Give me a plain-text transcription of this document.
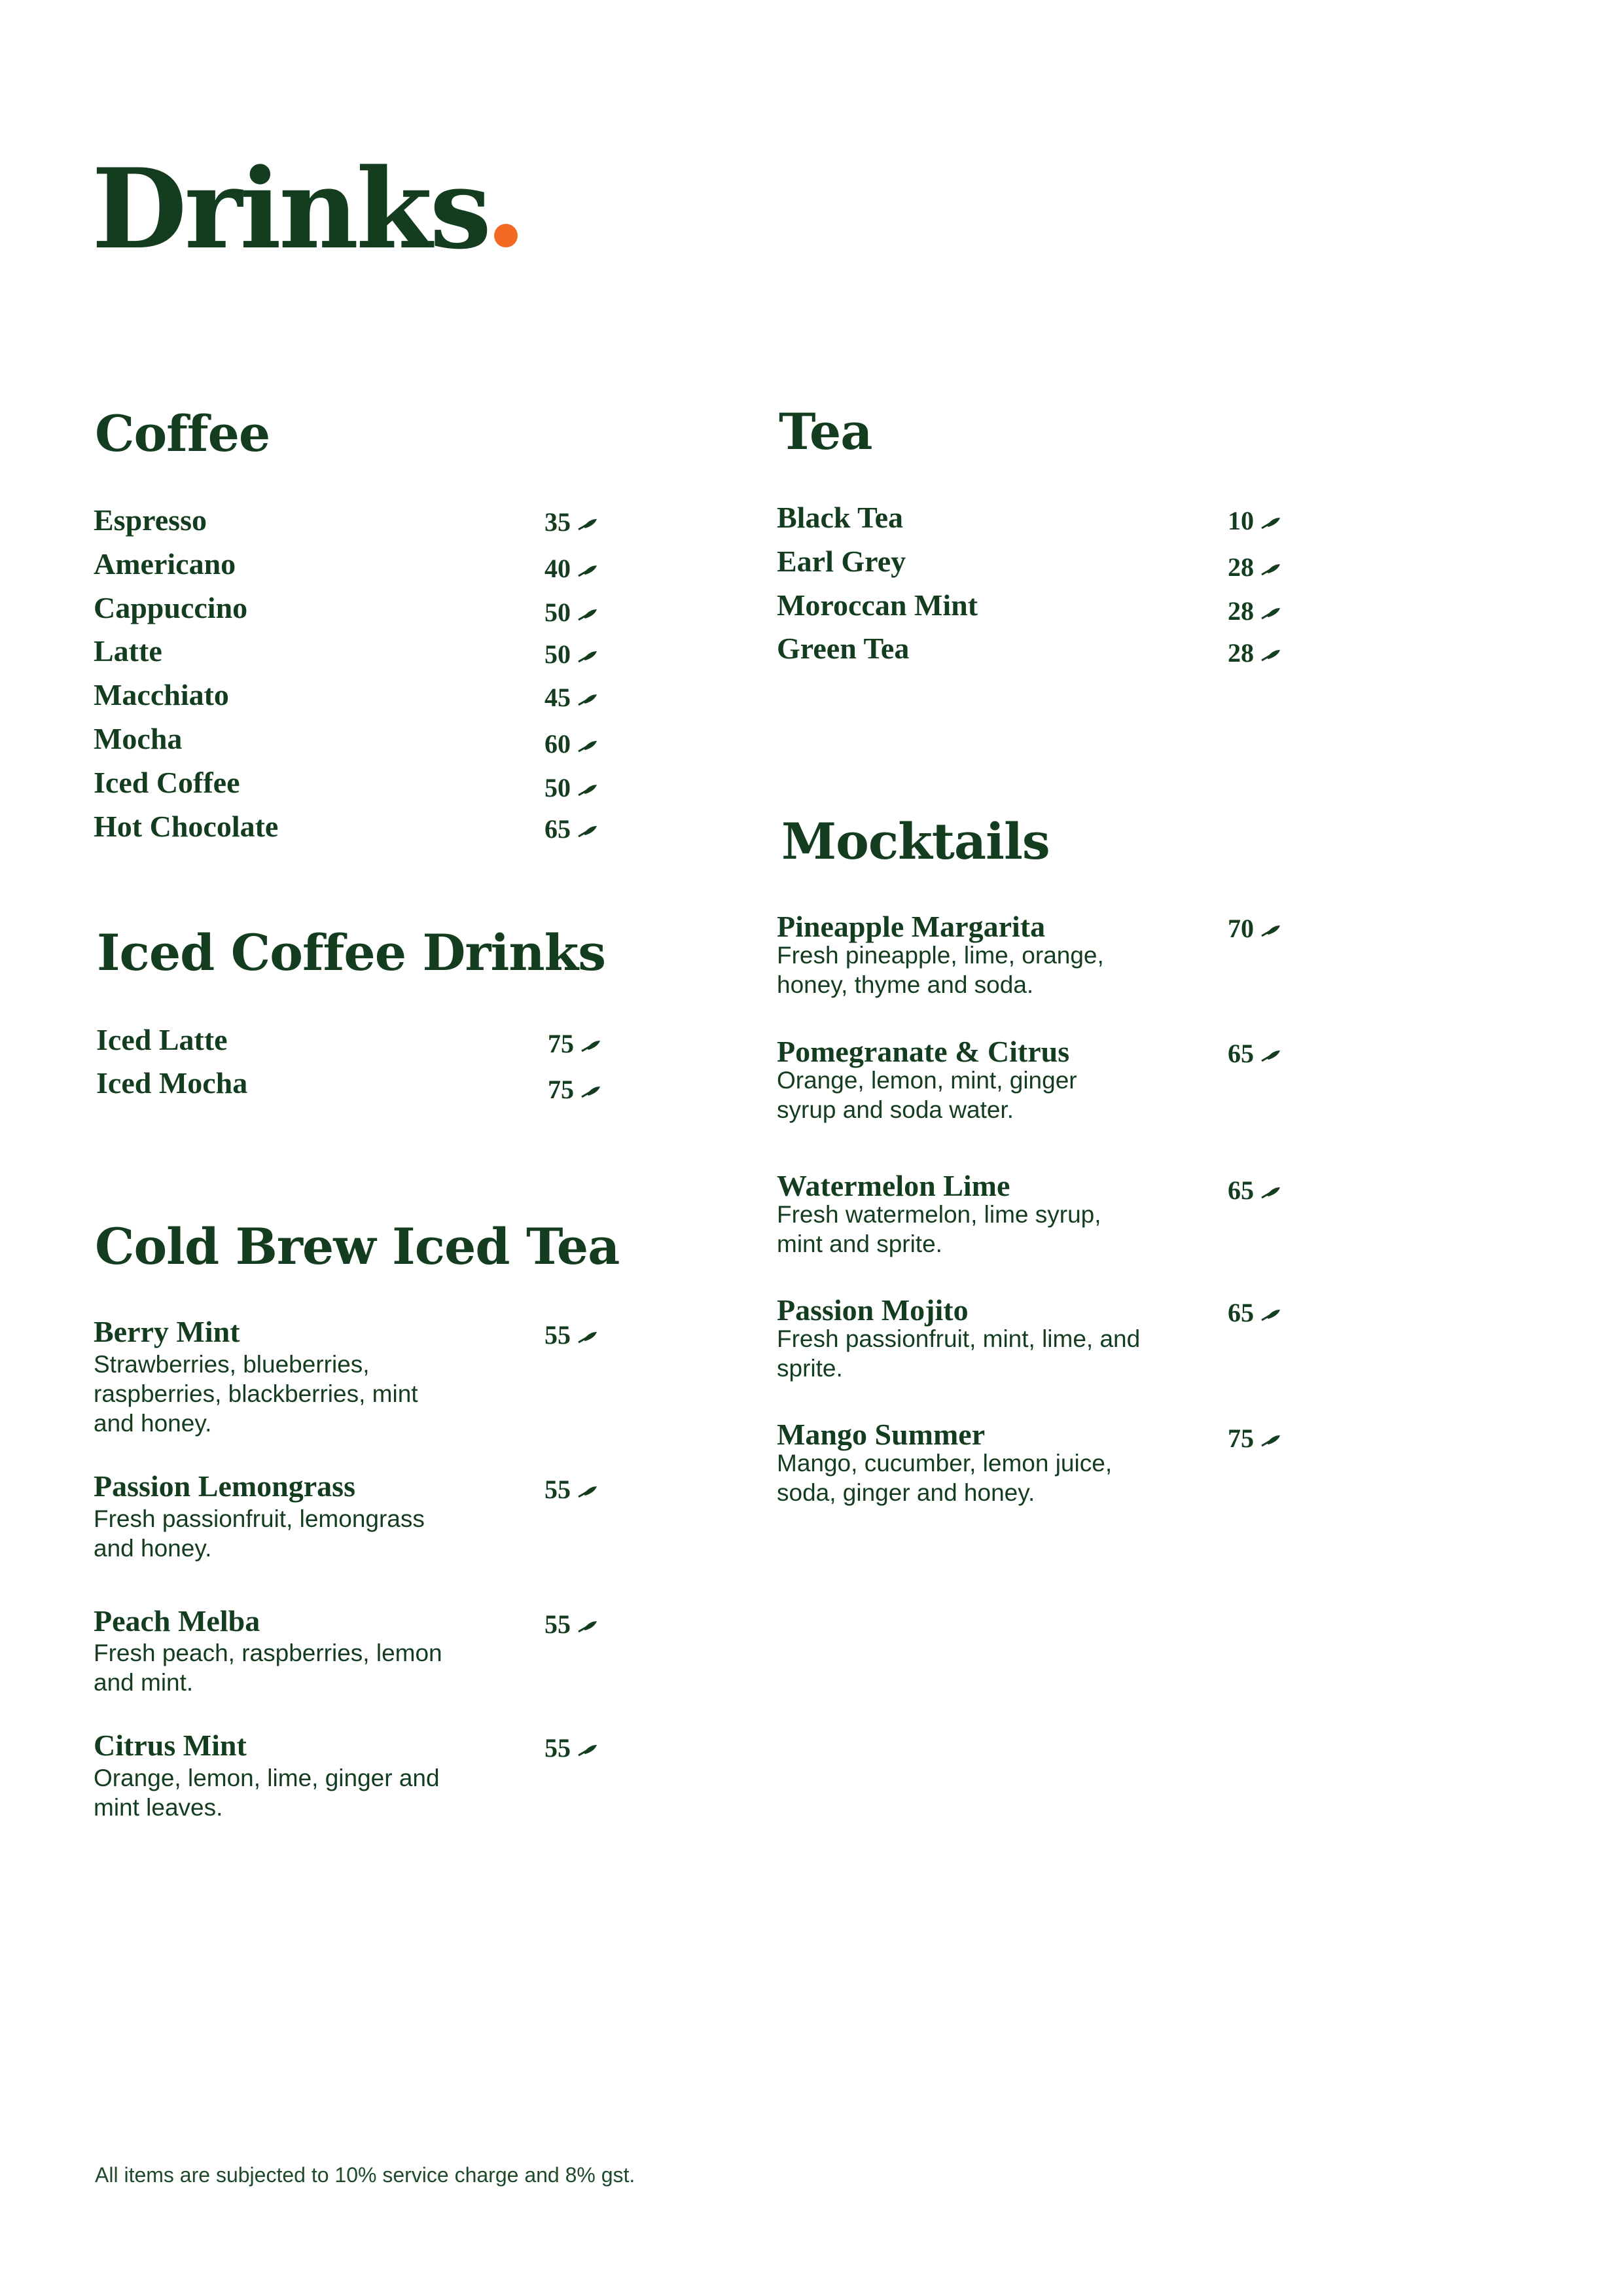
Drinks
Coffee
Espresso	35
Americano	40
Cappuccino	50
Latte	50
Macchiato	45
Mocha	60
Iced Coffee	50
Hot Chocolate	65
Iced Coffee Drinks
Iced Latte	75
Iced Mocha	75
Cold Brew Iced Tea
Berry Mint	55
Strawberries, blueberries,
raspberries, blackberries, mint
and honey.
Passion Lemongrass	55
Fresh passionfruit, lemongrass
and honey.
Peach Melba	55
Fresh peach, raspberries, lemon
and mint.
Citrus Mint	55
Orange, lemon, lime, ginger and
mint leaves.
Tea
Black Tea	10
Earl Grey	28
Moroccan Mint	28
Green Tea	28
Mocktails
Pineapple Margarita	70
Fresh pineapple, lime, orange,
honey, thyme and soda.
Pomegranate & Citrus	65
Orange, lemon, mint, ginger
syrup and soda water.
Watermelon Lime	65
Fresh watermelon, lime syrup,
mint and sprite.
Passion Mojito	65
Fresh passionfruit, mint, lime, and
sprite.
Mango Summer	75
Mango, cucumber, lemon juice,
soda, ginger and honey.
All items are subjected to 10% service charge and 8% gst.
